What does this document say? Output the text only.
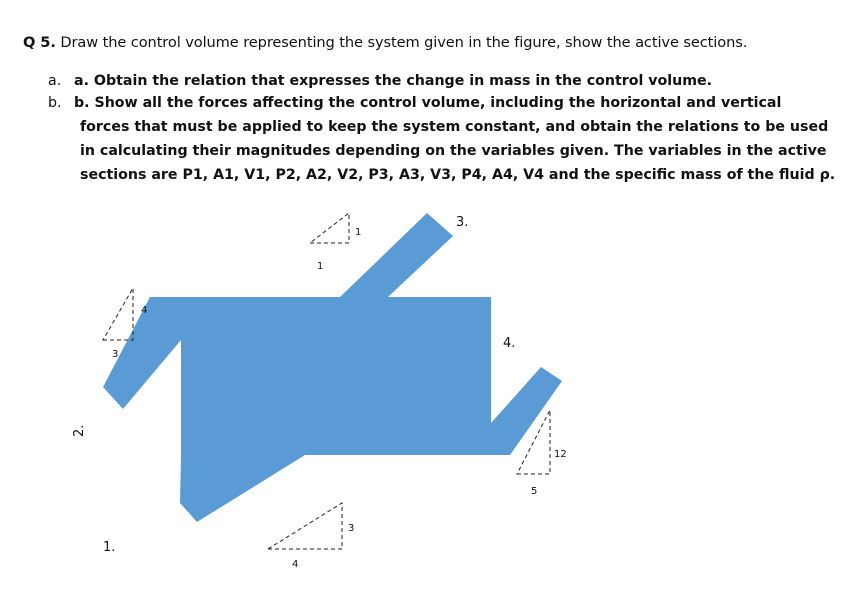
Q 5. Draw the control volume representing the system given in the figure, show the active sections.
a. a. Obtain the relation that expresses the change in mass in the control volume.
b. b. Show all the forces affecting the control volume, including the horizontal and vertical
forces that must be applied to keep the system constant, and obtain the relations to be used
in calculating their magnitudes depending on the variables given. The variables in the active
sections are P1, A1, V1, P2, A2, V2, P3, A3, V3, P4, A4, V4 and the specific mass of the fluid ρ.
3.
4.
2.
1.
1
1
3
4
4
3
5
12
